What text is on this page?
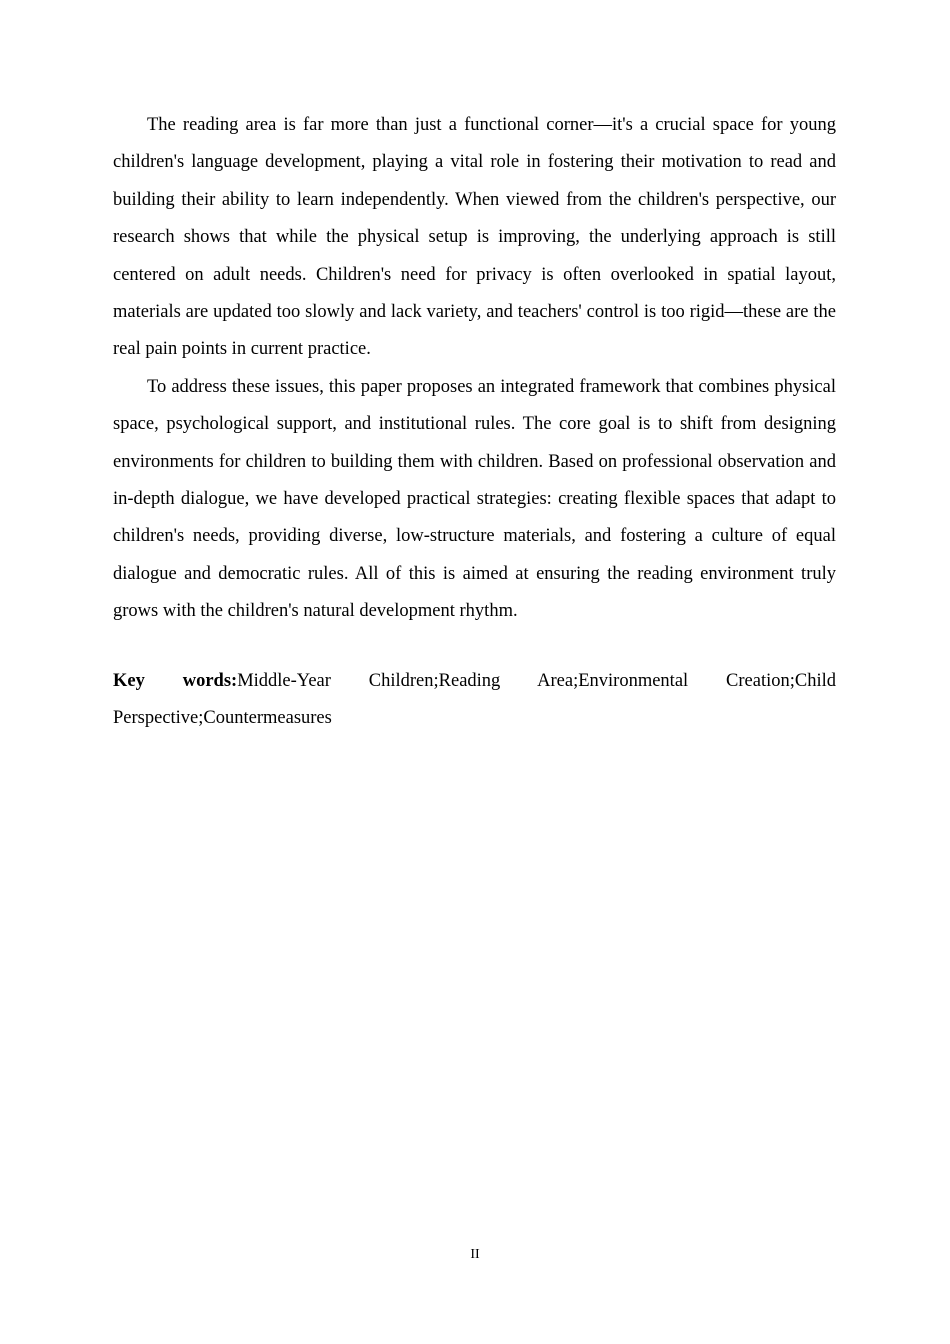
The reading area is far more than just a functional corner—it's a crucial space for young children's language development, playing a vital role in fostering their motivation to read and building their ability to learn independently. When viewed from the children's perspective, our research shows that while the physical setup is improving, the underlying approach is still centered on adult needs. Children's need for privacy is often overlooked in spatial layout, materials are updated too slowly and lack variety, and teachers' control is too rigid—these are the real pain points in current practice.

To address these issues, this paper proposes an integrated framework that combines physical space, psychological support, and institutional rules. The core goal is to shift from designing environments for children to building them with children. Based on professional observation and in-depth dialogue, we have developed practical strategies: creating flexible spaces that adapt to children's needs, providing diverse, low-structure materials, and fostering a culture of equal dialogue and democratic rules. All of this is aimed at ensuring the reading environment truly grows with the children's natural development rhythm.

Key words:Middle-Year Children;Reading Area;Environmental Creation;Child Perspective;Countermeasures

II
